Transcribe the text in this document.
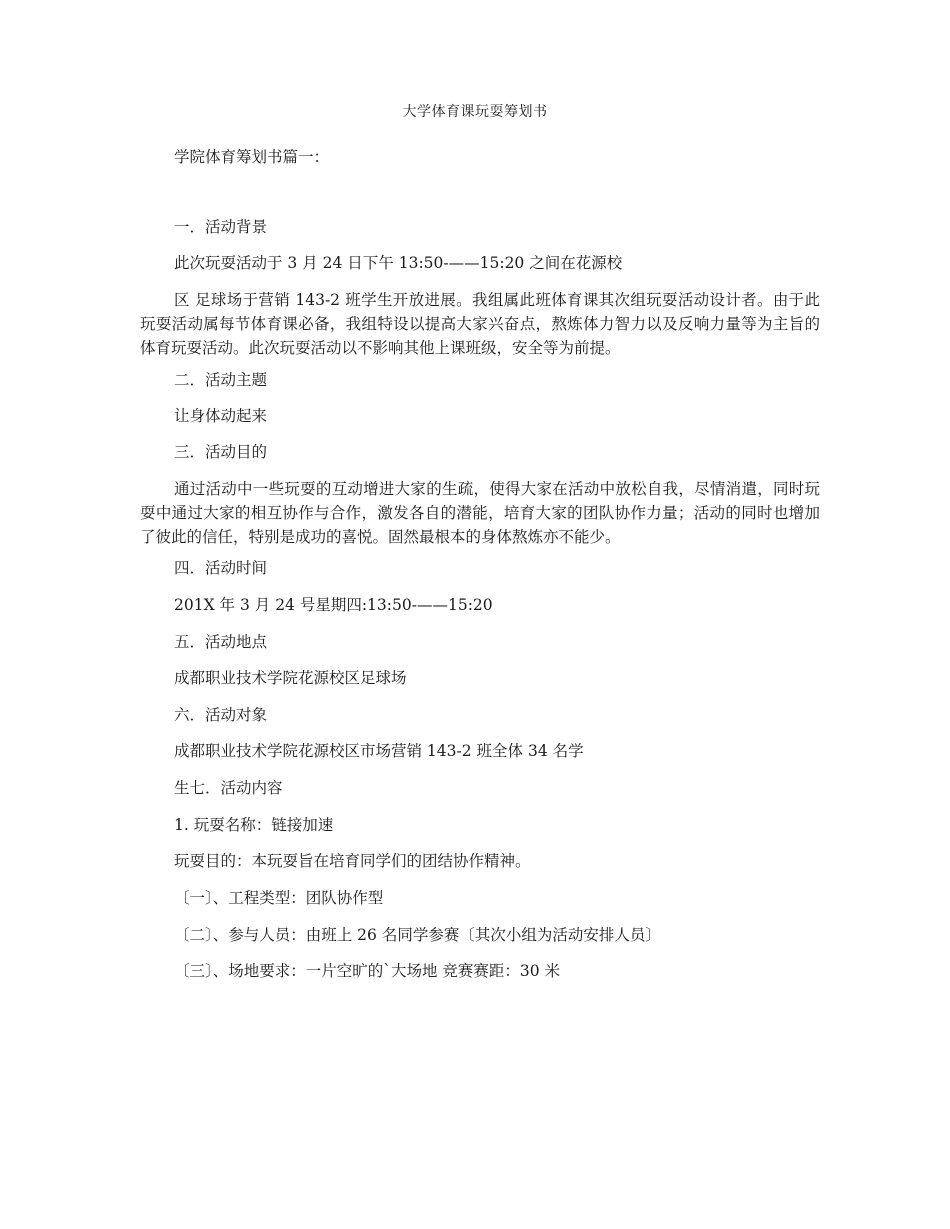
大学体育课玩耍筹划书
学院体育筹划书篇一：
一．活动背景
此次玩耍活动于 3 月 24 日下午 13:50-——15:20 之间在花源校
区 足球场于营销 143-2 班学生开放进展。我组属此班体育课其次组玩耍活动设计者。由于此玩耍活动属每节体育课必备，我组特设以提高大家兴奋点，熬炼体力智力以及反响力量等为主旨的体育玩耍活动。此次玩耍活动以不影响其他上课班级，安全等为前提。
二．活动主题
让身体动起来
三．活动目的
通过活动中一些玩耍的互动增进大家的生疏，使得大家在活动中放松自我，尽情消遣，同时玩耍中通过大家的相互协作与合作，激发各自的潜能，培育大家的团队协作力量；活动的同时也增加了彼此的信任，特别是成功的喜悦。固然最根本的身体熬炼亦不能少。
四．活动时间
201X 年 3 月 24 号星期四:13:50-——15:20
五．活动地点
成都职业技术学院花源校区足球场
六．活动对象
成都职业技术学院花源校区市场营销 143-2 班全体 34 名学
生七．活动内容
1. 玩耍名称：链接加速
玩耍目的：本玩耍旨在培育同学们的团结协作精神。
〔一〕、工程类型：团队协作型
〔二〕、参与人员：由班上 26 名同学参赛〔其次小组为活动安排人员〕
〔三〕、场地要求：一片空旷的`大场地 竞赛赛距：30 米
